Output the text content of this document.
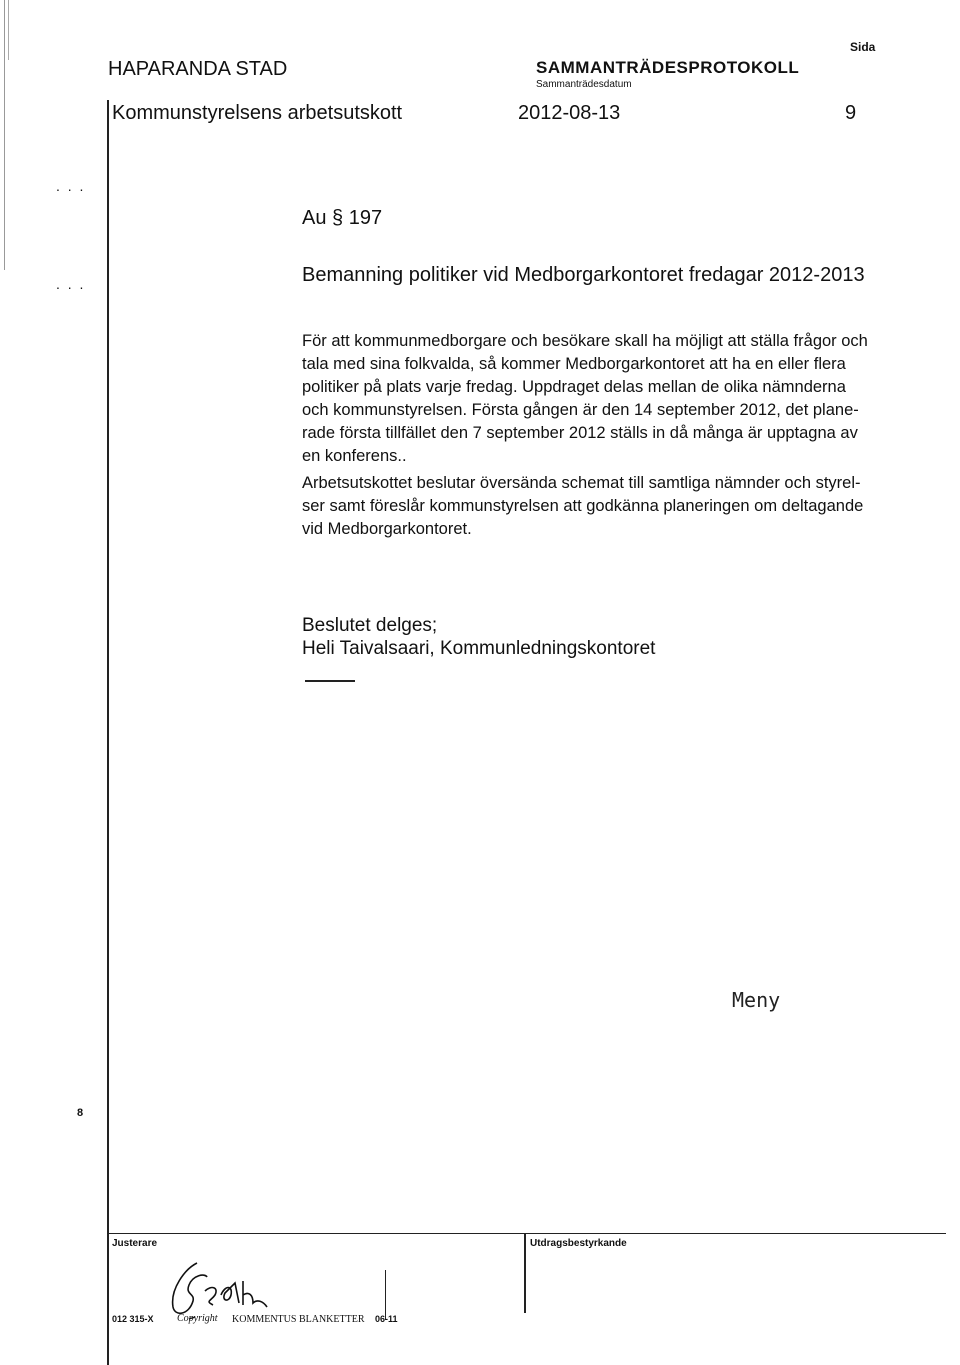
HAPARANDA STAD	SAMMANTRÄDESPROTOKOLL
Sammanträdesdatum
Sida
Kommunstyrelsens arbetsutskott	2012-08-13	9
. . .
. . .
Au § 197
Bemanning politiker vid Medborgarkontoret fredagar 2012-2013
För att kommunmedborgare och besökare skall ha möjligt att ställa frågor och
tala med sina folkvalda, så kommer Medborgarkontoret att ha en eller flera
politiker på plats varje fredag. Uppdraget delas mellan de olika nämnderna
och kommunstyrelsen. Första gången är den 14 september 2012, det plane-
rade första tillfället den 7 september 2012 ställs in då många är upptagna av
en konferens..
Arbetsutskottet beslutar översända schemat till samtliga nämnder och styrel-
ser samt föreslår kommunstyrelsen att godkänna planeringen om deltagande
vid Medborgarkontoret.
Beslutet delges;
Heli Taivalsaari, Kommunledningskontoret
Meny
8
Justerare	Utdragsbestyrkande
012 315-X Copyright KOMMENTUS BLANKETTER 06-11
